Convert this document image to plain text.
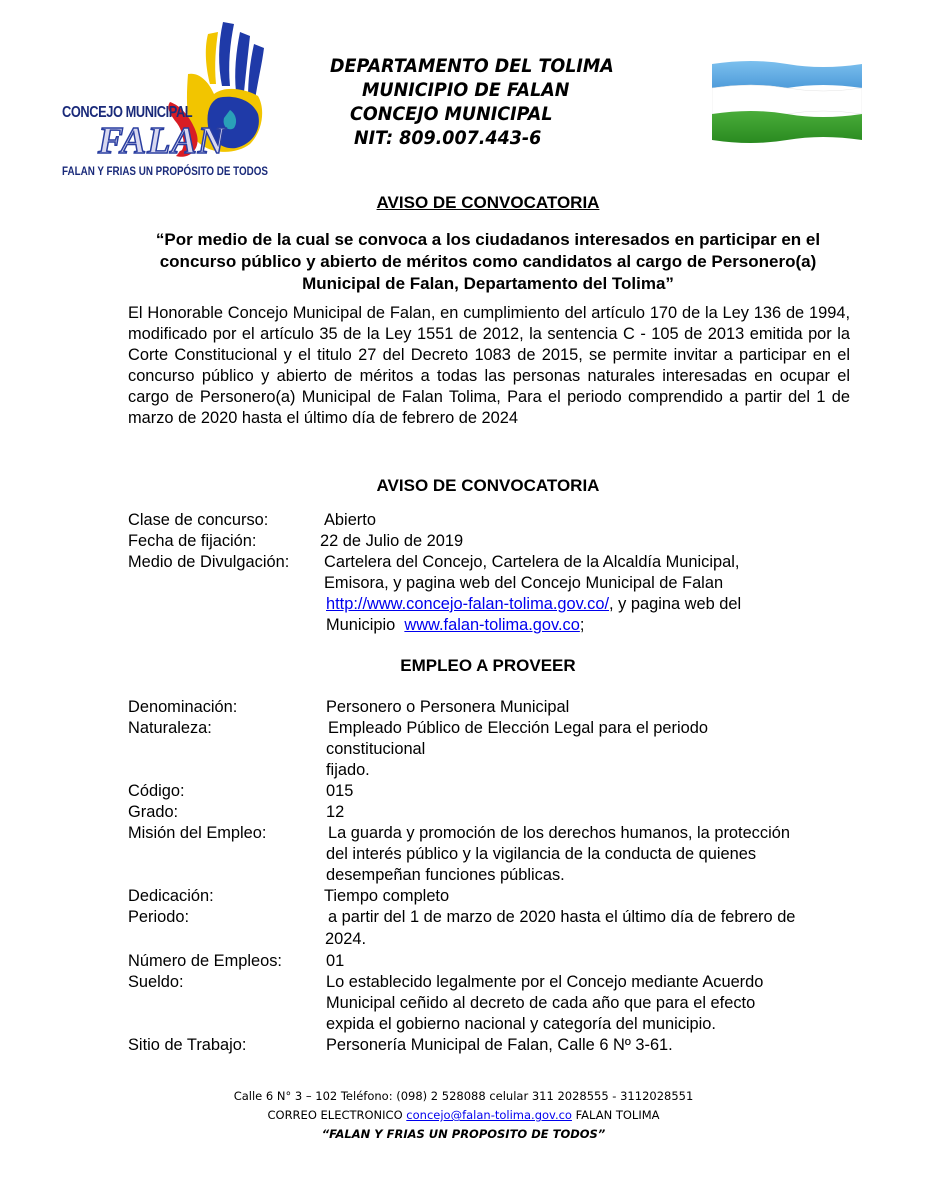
CONCEJO MUNICIPAL
FALAN
FALAN Y FRIAS UN PROPÓSITO DE TODOS
DEPARTAMENTO DEL TOLIMA
MUNICIPIO DE FALAN
CONCEJO MUNICIPAL
NIT: 809.007.443-6
AVISO DE CONVOCATORIA
“Por medio de la cual se convoca a los ciudadanos interesados en participar en el concurso público y abierto de méritos como candidatos al cargo de Personero(a) Municipal de Falan, Departamento del Tolima”
El Honorable Concejo Municipal de Falan, en cumplimiento del artículo 170 de la Ley 136 de 1994, modificado por el artículo 35 de la Ley 1551 de 2012, la sentencia C - 105 de 2013 emitida por la Corte Constitucional y el titulo 27 del Decreto 1083 de 2015, se permite invitar a participar en el concurso público y abierto de méritos a todas las personas naturales interesadas en ocupar el cargo de Personero(a) Municipal de Falan Tolima, Para el periodo comprendido a partir del 1 de marzo de 2020 hasta el último día de febrero de 2024
AVISO DE CONVOCATORIA
Clase de concurso:	Abierto
Fecha de fijación:	22 de Julio de 2019
Medio de Divulgación: Cartelera del Concejo, Cartelera de la Alcaldía Municipal,
Emisora, y pagina web del Concejo Municipal de Falan
http://www.concejo-falan-tolima.gov.co/, y pagina web del
Municipio www.falan-tolima.gov.co;
EMPLEO A PROVEER
Denominación:	Personero o Personera Municipal
Naturaleza:	Empleado Público de Elección Legal para el periodo
constitucional
fijado.
Código:	015
Grado:	12
Misión del Empleo:	La guarda y promoción de los derechos humanos, la protección
del interés público y la vigilancia de la conducta de quienes
desempeñan funciones públicas.
Dedicación:	Tiempo completo
Periodo:	a partir del 1 de marzo de 2020 hasta el último día de febrero de
2024.
Número de Empleos:	01
Sueldo:	Lo establecido legalmente por el Concejo mediante Acuerdo
Municipal ceñido al decreto de cada año que para el efecto
expida el gobierno nacional y categoría del municipio.
Sitio de Trabajo:	Personería Municipal de Falan, Calle 6 Nº 3-61.
Calle 6 N° 3 – 102 Teléfono: (098) 2 528088 celular 311 2028555 - 3112028551
CORREO ELECTRONICO concejo@falan-tolima.gov.co FALAN TOLIMA
“FALAN Y FRIAS UN PROPOSITO DE TODOS”
